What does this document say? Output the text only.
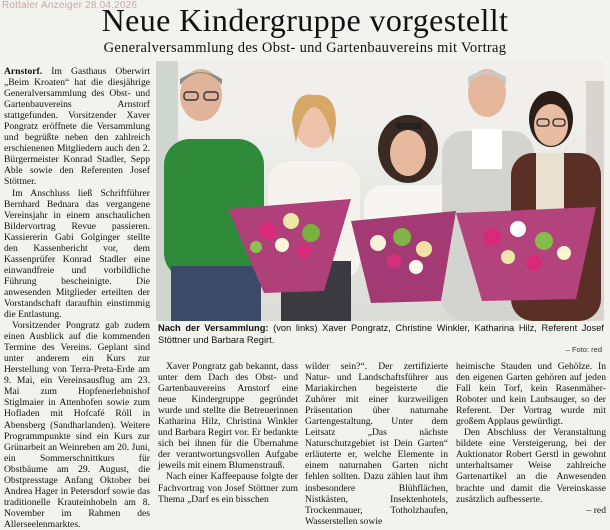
Rottaler Anzeiger 28.04.2026
Neue Kindergruppe vorgestellt
Generalversammlung des Obst- und Gartenbauvereins mit Vortrag

Arnstorf. Im Gasthaus Oberwirt „Beim Kroaten“ hat die diesjährige Generalversammlung des Obst- und Gartenbauvereins Arnstorf stattgefunden. Vorsitzender Xaver Pongratz eröffnete die Versammlung und begrüßte neben den zahlreich erschienenen Mitgliedern auch den 2. Bürgermeister Konrad Stadler, Sepp Able sowie den Referenten Josef Stöttner.

Im Anschluss ließ Schriftführer Bernhard Bednara das vergangene Vereinsjahr in einem anschaulichen Bildervortrag Revue passieren. Kassiererin Gabi Golginger stellte den Kassenbericht vor, dem Kassenprüfer Konrad Stadler eine einwandfreie und vorbildliche Führung bescheinigte. Die anwesenden Mitglieder erteilten der Vorstandschaft daraufhin einstimmig die Entlastung.

Vorsitzender Pongratz gab zudem einen Ausblick auf die kommenden Termine des Vereins. Geplant sind unter anderem ein Kurs zur Herstellung von Terra-Preta-Erde am 9. Mai, ein Vereinsausflug am 23. Mai zum Hopfenerlebnishof Stiglmaier in Attenhofen sowie zum Hofladen mit Hofcafé Röll in Abensberg (Sandharlanden). Weitere Programmpunkte sind ein Kurs zur Grünarbeit an Weinreben am 20. Juni, ein Sommerschnittkurs für Obstbäume am 29. August, die Obstpresstage Anfang Oktober bei Andrea Hager in Petersdorf sowie das traditionelle Krauteinhobeln am 8. November im Rahmen des Allerseelenmarktes.

Nach der Versammlung: (von links) Xaver Pongratz, Christine Winkler, Katharina Hilz, Referent Josef Stöttner und Barbara Regirt.
– Foto: red

Xaver Pongratz gab bekannt, dass unter dem Dach des Obst- und Gartenbauvereins Arnstorf eine neue Kindergruppe gegründet wurde und stellte die Betreuerinnen Katharina Hilz, Christina Winkler und Barbara Regirt vor. Er bedankte sich bei ihnen für die Übernahme der verantwortungsvollen Aufgabe jeweils mit einem Blumenstrauß.

Nach einer Kaffeepause folgte der Fachvortrag von Josef Stöttner zum Thema „Darf es ein bisschen

wilder sein?“. Der zertifizierte Natur- und Landschaftsführer aus Mariakirchen begeisterte die Zuhörer mit einer kurzweiligen Präsentation über naturnahe Gartengestaltung. Unter dem Leitsatz „Das nächste Naturschutzgebiet ist Dein Garten“ erläuterte er, welche Elemente in einem naturnahen Garten nicht fehlen sollten. Dazu zählen laut ihm insbesondere Blühflächen, Nistkästen, Insektenhotels, Trockenmauer, Totholzhaufen, Wasserstellen sowie

heimische Stauden und Gehölze. In den eigenen Garten gehören auf jeden Fall kein Torf, kein Rasenmäher-Roboter und kein Laubsauger, so der Referent. Der Vortrag wurde mit großem Applaus gewürdigt.

Den Abschluss der Veranstaltung bildete eine Versteigerung, bei der Auktionator Robert Gerstl in gewohnt unterhaltsamer Weise zahlreiche Gartenartikel an die Anwesenden brachte und damit die Vereinskasse zusätzlich aufbesserte.

– red
